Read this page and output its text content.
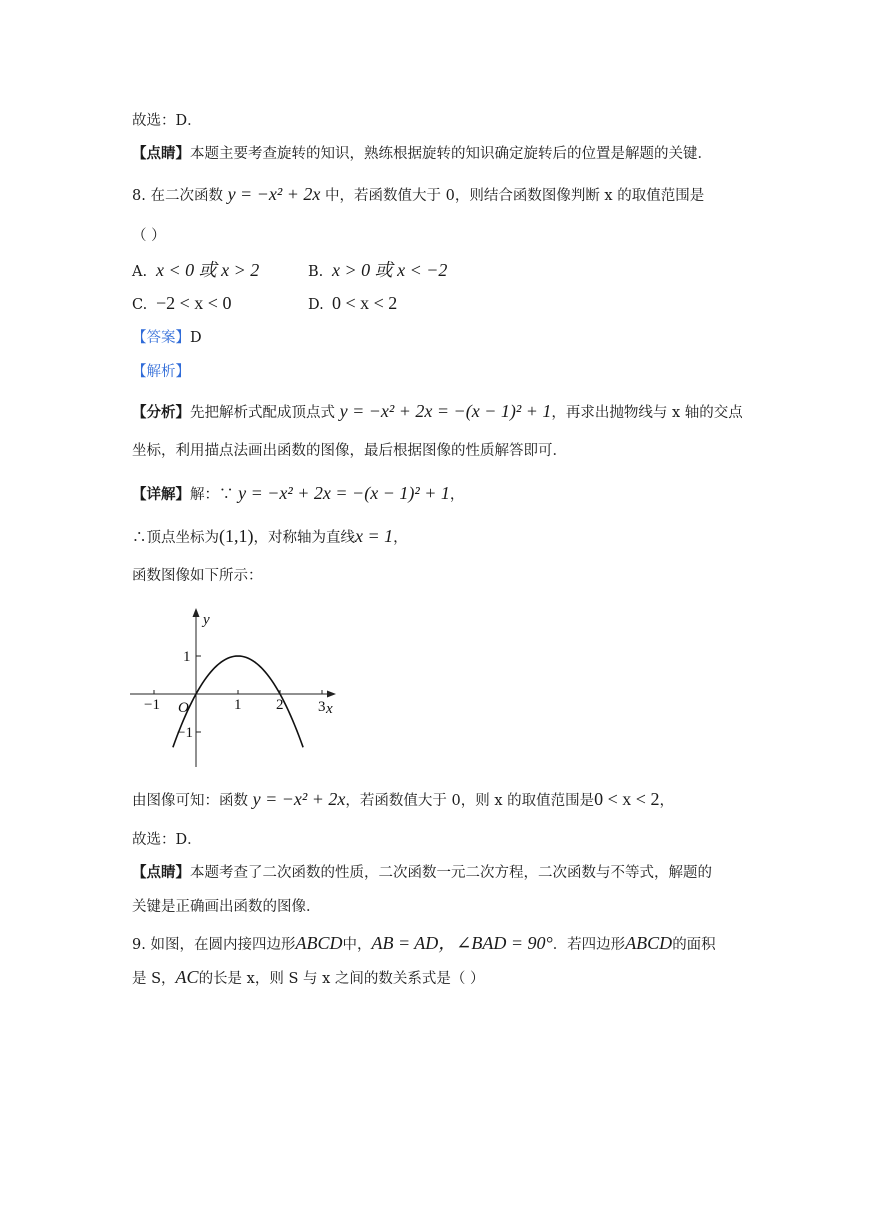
故选：D．
【点睛】本题主要考查旋转的知识，熟练根据旋转的知识确定旋转后的位置是解题的关键．
8. 在二次函数 y = −x² + 2x 中，若函数值大于 0，则结合函数图像判断 x 的取值范围是
（ ）
A. x < 0 或 x > 2	B. x > 0 或 x < −2
C. −2 < x < 0	D. 0 < x < 2
【答案】D
【解析】
【分析】先把解析式配成顶点式 y = −x² + 2x = −(x − 1)² + 1，再求出抛物线与 x 轴的交点
坐标，利用描点法画出函数的图像，最后根据图像的性质解答即可．
【详解】解：∵ y = −x² + 2x = −(x − 1)² + 1，
∴顶点坐标为(1,1)，对称轴为直线x = 1，
函数图像如下所示：
y
x
O
−1	1 2 3
1
−1
由图像可知：函数 y = −x² + 2x，若函数值大于 0，则 x 的取值范围是0 < x < 2，
故选：D．
【点睛】本题考查了二次函数的性质，二次函数一元二次方程，二次函数与不等式，解题的
关键是正确画出函数的图像．
9. 如图，在圆内接四边形ABCD中，AB = AD，∠BAD = 90°．若四边形ABCD的面积
是 S，AC的长是 x，则 S 与 x 之间的数关系式是（ ）
